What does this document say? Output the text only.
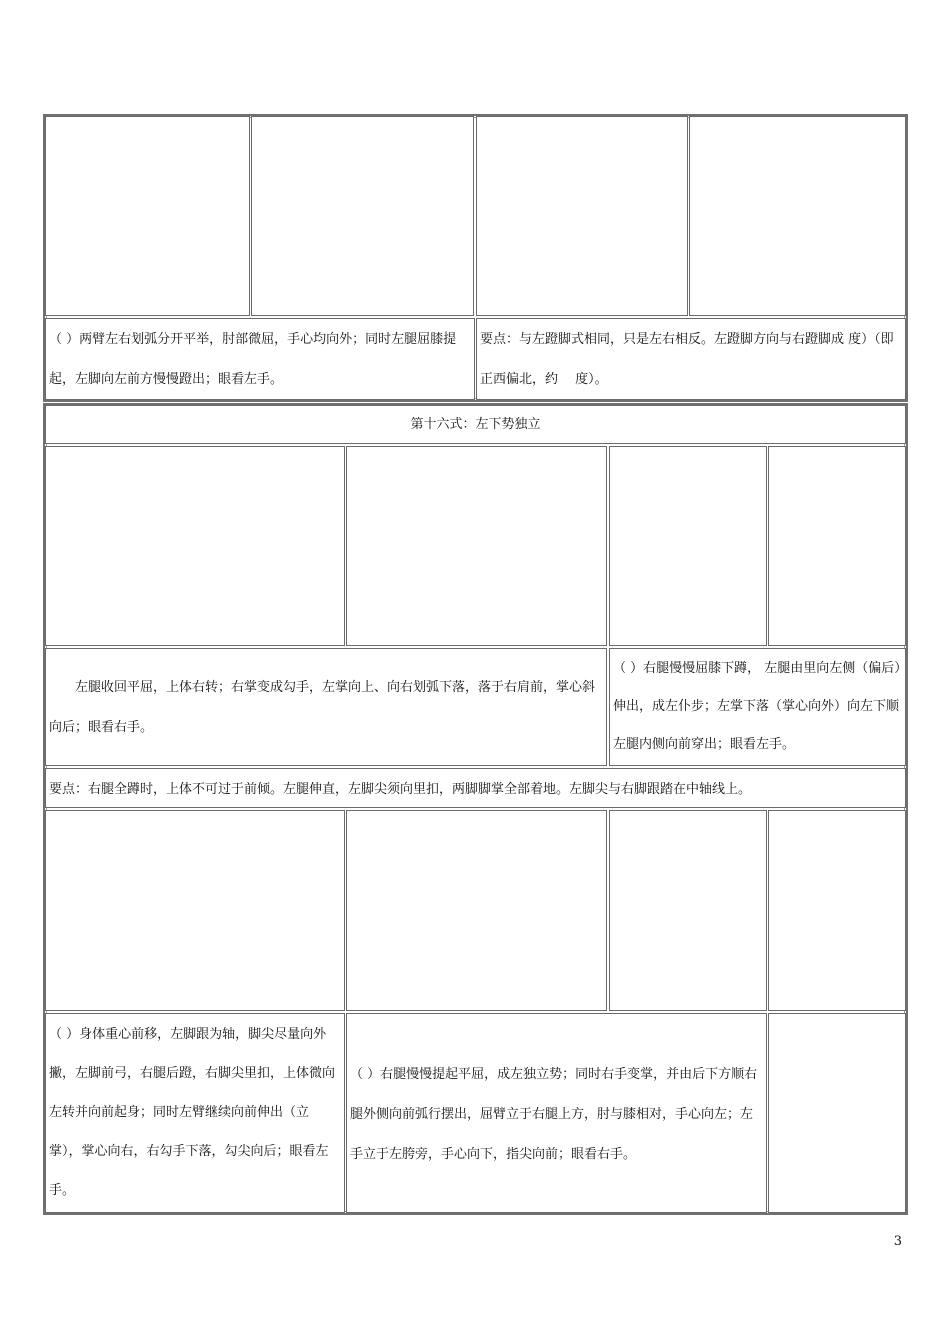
（ ）两臂左右划弧分开平举，肘部微屈，手心均向外；同时左腿屈膝提起，左脚向左前方慢慢蹬出；眼看左手。
要点：与左蹬脚式相同，只是左右相反。左蹬脚方向与右蹬脚成 度）（即正西偏北，约　 度）。
第十六式：左下势独立
左腿收回平屈，上体右转；右掌变成勾手，左掌向上、向右划弧下落，落于右肩前，掌心斜向后；眼看右手。
（ ）右腿慢慢屈膝下蹲， 左腿由里向左侧（偏后）伸出，成左仆步；左掌下落（掌心向外）向左下顺左腿内侧向前穿出；眼看左手。
要点：右腿全蹲时，上体不可过于前倾。左腿伸直，左脚尖须向里扣，两脚脚掌全部着地。左脚尖与右脚跟踏在中轴线上。
（ ）身体重心前移，左脚跟为轴，脚尖尽量向外撇，左脚前弓，右腿后蹬，右脚尖里扣，上体微向左转并向前起身；同时左臂继续向前伸出（立掌），掌心向右，右勾手下落，勾尖向后；眼看左手。
（ ）右腿慢慢提起平屈，成左独立势；同时右手变掌，并由后下方顺右腿外侧向前弧行摆出，屈臂立于右腿上方，肘与膝相对，手心向左；左手立于左胯旁，手心向下，指尖向前；眼看右手。
3
